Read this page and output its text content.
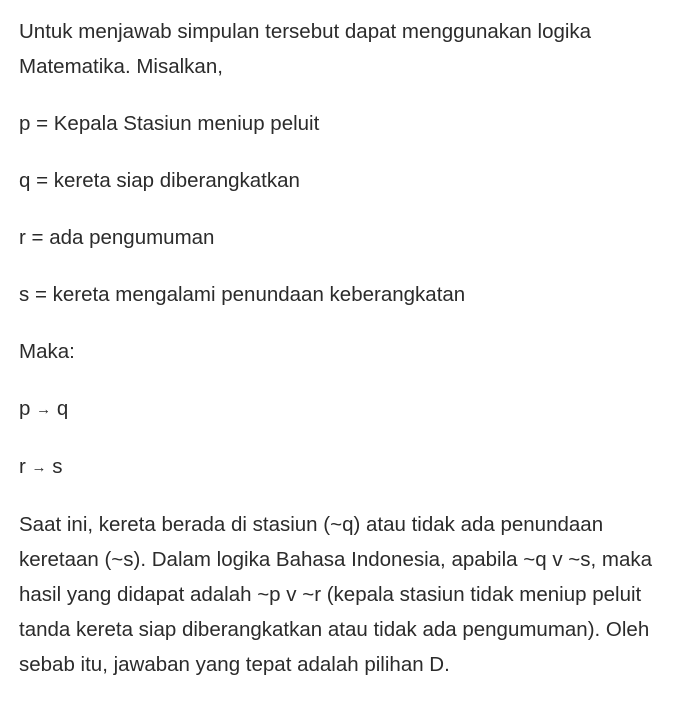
Untuk menjawab simpulan tersebut dapat menggunakan logika Matematika. Misalkan,

p = Kepala Stasiun meniup peluit

q = kereta siap diberangkatkan

r = ada pengumuman

s = kereta mengalami penundaan keberangkatan

Maka:

p → q

r → s

Saat ini, kereta berada di stasiun (~q) atau tidak ada penundaan keretaan (~s). Dalam logika Bahasa Indonesia, apabila ~q v ~s, maka hasil yang didapat adalah ~p v ~r (kepala stasiun tidak meniup peluit tanda kereta siap diberangkatkan atau tidak ada pengumuman). Oleh sebab itu, jawaban yang tepat adalah pilihan D.
